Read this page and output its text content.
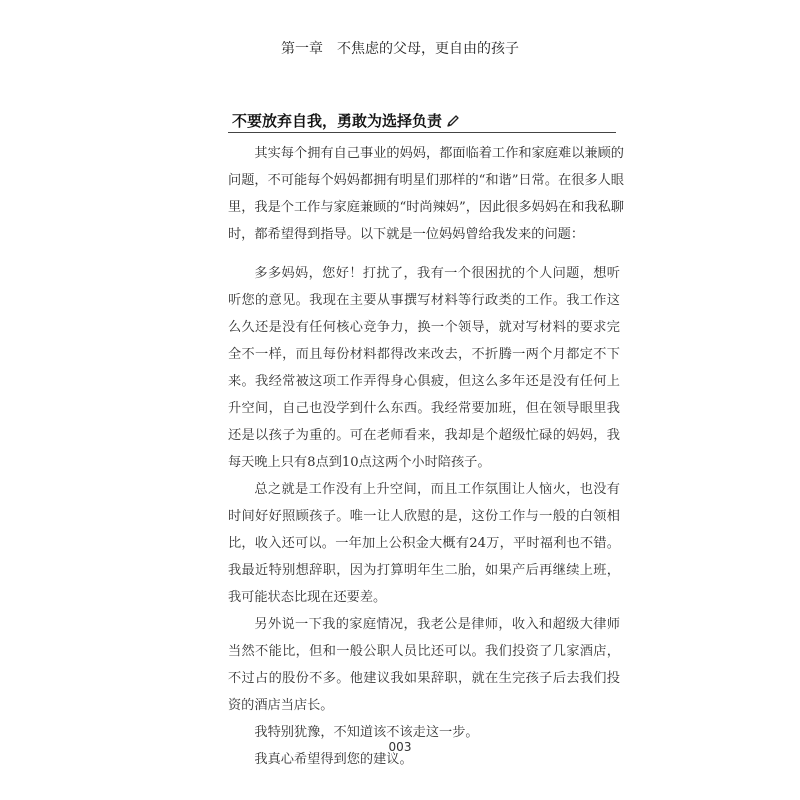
第一章 不焦虑的父母，更自由的孩子
不要放弃自我，勇敢为选择负责
其实每个拥有自己事业的妈妈，都面临着工作和家庭难以兼顾的问题，不可能每个妈妈都拥有明星们那样的“和谐”日常。在很多人眼里，我是个工作与家庭兼顾的“时尚辣妈”，因此很多妈妈在和我私聊时，都希望得到指导。以下就是一位妈妈曾给我发来的问题：

多多妈妈，您好！打扰了，我有一个很困扰的个人问题，想听听您的意见。我现在主要从事撰写材料等行政类的工作。我工作这么久还是没有任何核心竞争力，换一个领导，就对写材料的要求完全不一样，而且每份材料都得改来改去，不折腾一两个月都定不下来。我经常被这项工作弄得身心俱疲，但这么多年还是没有任何上升空间，自己也没学到什么东西。我经常要加班，但在领导眼里我还是以孩子为重的。可在老师看来，我却是个超级忙碌的妈妈，我每天晚上只有8点到10点这两个小时陪孩子。

总之就是工作没有上升空间，而且工作氛围让人恼火，也没有时间好好照顾孩子。唯一让人欣慰的是，这份工作与一般的白领相比，收入还可以。一年加上公积金大概有24万，平时福利也不错。我最近特别想辞职，因为打算明年生二胎，如果产后再继续上班，我可能状态比现在还要差。

另外说一下我的家庭情况，我老公是律师，收入和超级大律师当然不能比，但和一般公职人员比还可以。我们投资了几家酒店，不过占的股份不多。他建议我如果辞职，就在生完孩子后去我们投资的酒店当店长。

我特别犹豫，不知道该不该走这一步。

我真心希望得到您的建议。

003
